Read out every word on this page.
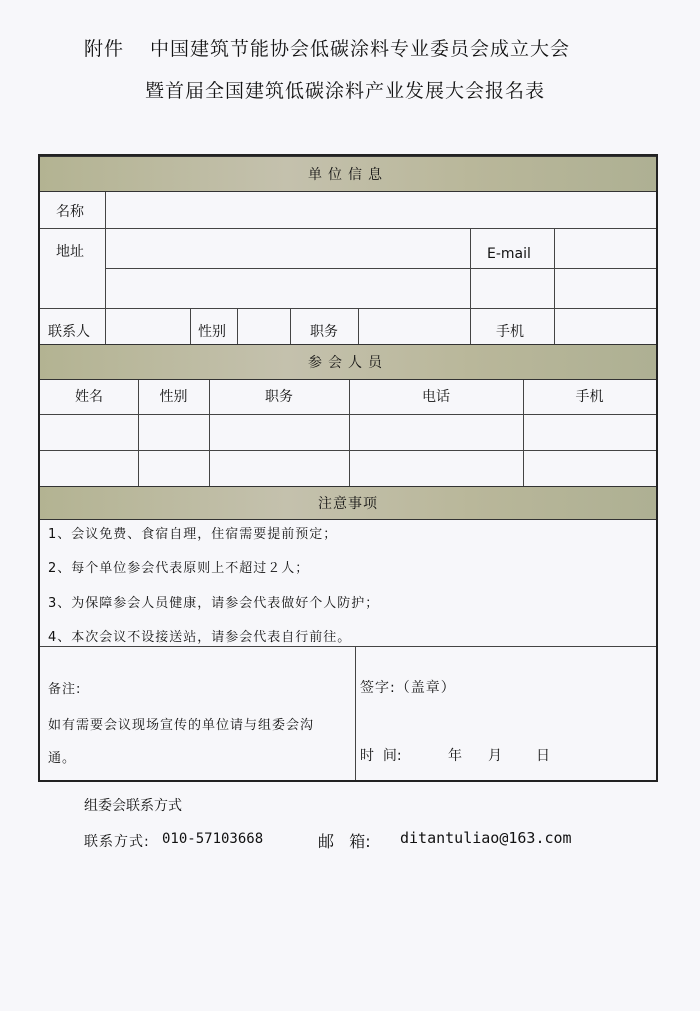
附件 中国建筑节能协会低碳涂料专业委员会成立大会
暨首届全国建筑低碳涂料产业发展大会报名表
单位信息
名称
地址	E-mail
联系人	性别	职务	手机
参会人员
姓名	性别	职务	电话	手机
注意事项
1、会议免费、食宿自理，住宿需要提前预定；
2、每个单位参会代表原则上不超过２人；
3、为保障参会人员健康，请参会代表做好个人防护；
4、本次会议不设接送站，请参会代表自行前往。
备注:
如有需要会议现场宣传的单位请与组委会沟
通。
签字:（盖章）
时  间:	年 月 日
组委会联系方式
联系方式: 010-57103668	邮   箱: ditantuliao@163.com
